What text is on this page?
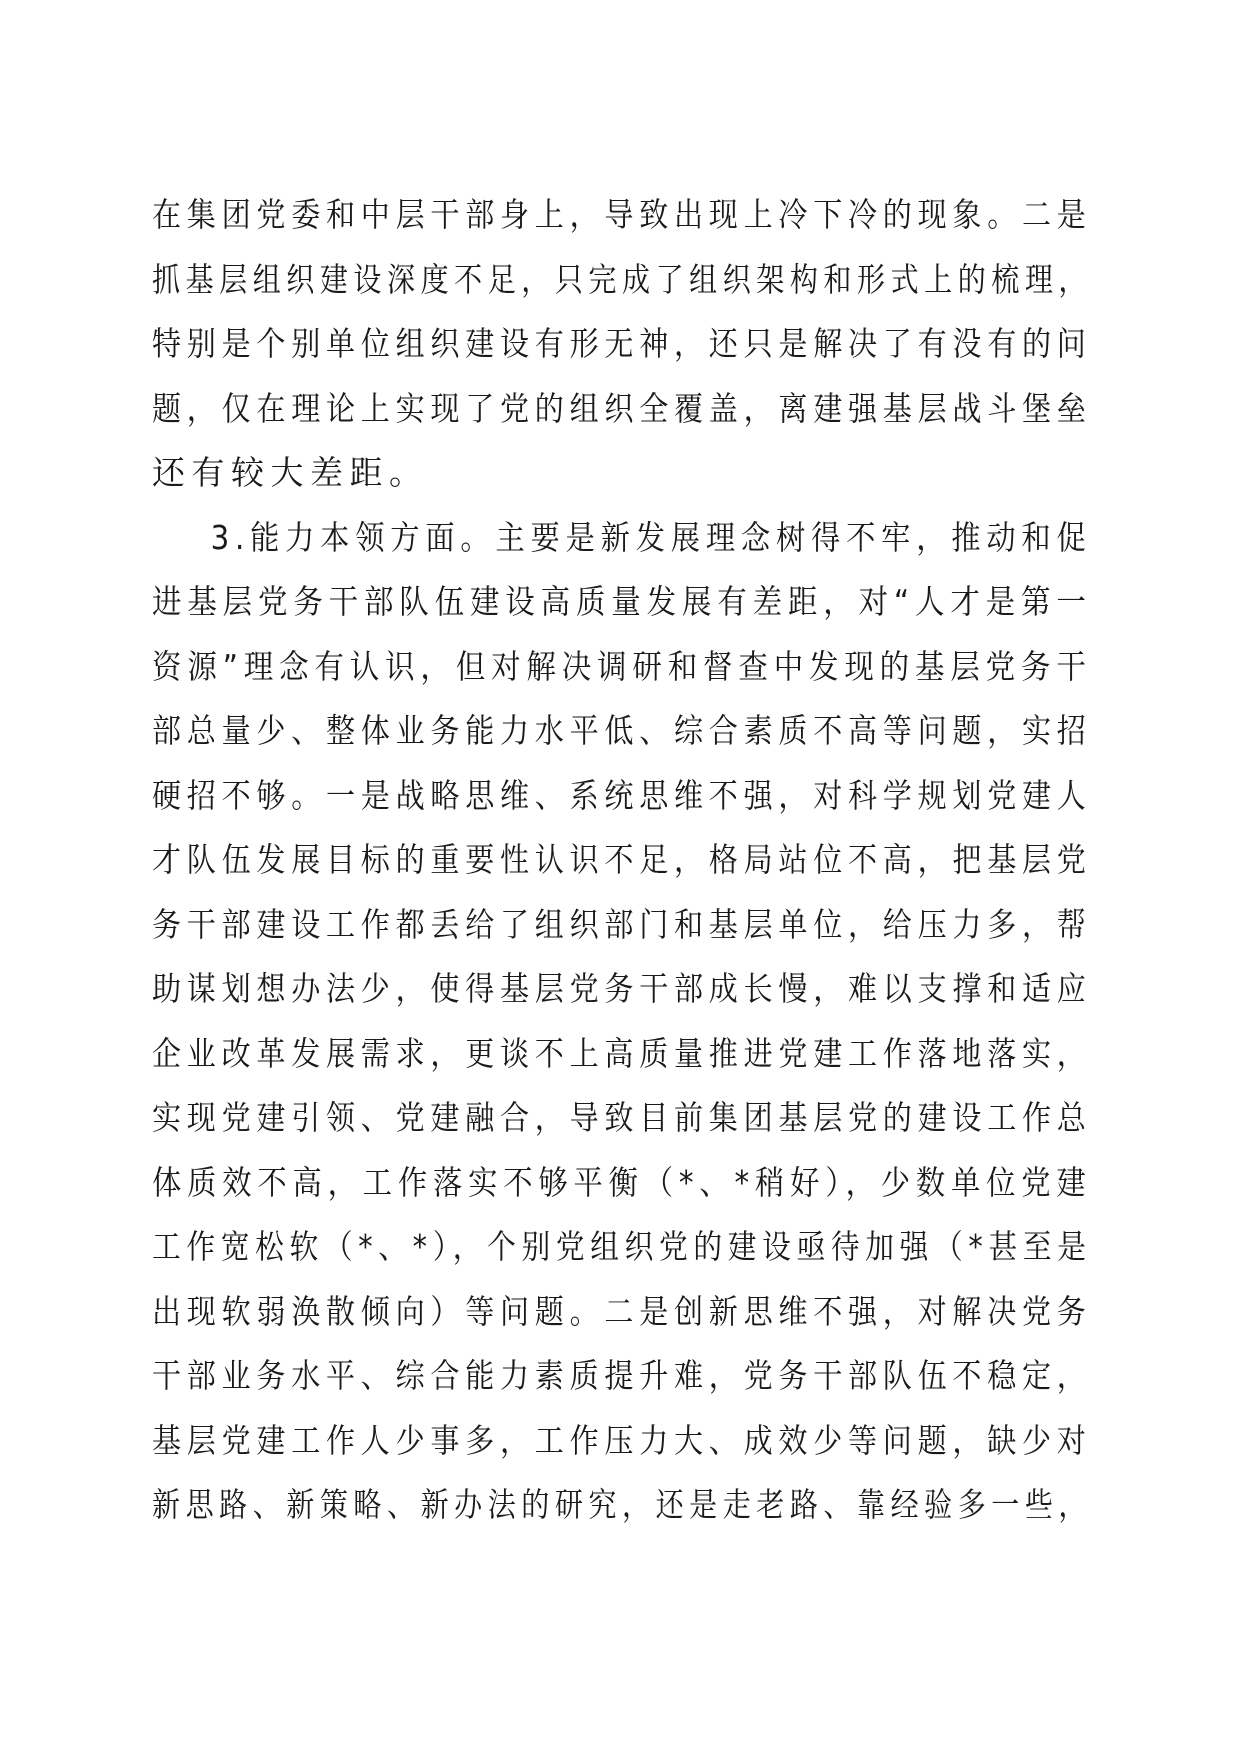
在集团党委和中层干部身上，导致出现上冷下冷的现象。二是
抓基层组织建设深度不足，只完成了组织架构和形式上的梳理，
特别是个别单位组织建设有形无神，还只是解决了有没有的问
题，仅在理论上实现了党的组织全覆盖，离建强基层战斗堡垒
还有较大差距。
3.能力本领方面。主要是新发展理念树得不牢，推动和促
进基层党务干部队伍建设高质量发展有差距，对“人才是第一
资源”理念有认识，但对解决调研和督查中发现的基层党务干
部总量少、整体业务能力水平低、综合素质不高等问题，实招
硬招不够。一是战略思维、系统思维不强，对科学规划党建人
才队伍发展目标的重要性认识不足，格局站位不高，把基层党
务干部建设工作都丢给了组织部门和基层单位，给压力多，帮
助谋划想办法少，使得基层党务干部成长慢，难以支撑和适应
企业改革发展需求，更谈不上高质量推进党建工作落地落实，
实现党建引领、党建融合，导致目前集团基层党的建设工作总
体质效不高，工作落实不够平衡（*、*稍好），少数单位党建
工作宽松软（*、*），个别党组织党的建设亟待加强（*甚至是
出现软弱涣散倾向）等问题。二是创新思维不强，对解决党务
干部业务水平、综合能力素质提升难，党务干部队伍不稳定，
基层党建工作人少事多，工作压力大、成效少等问题，缺少对
新思路、新策略、新办法的研究，还是走老路、靠经验多一些，
